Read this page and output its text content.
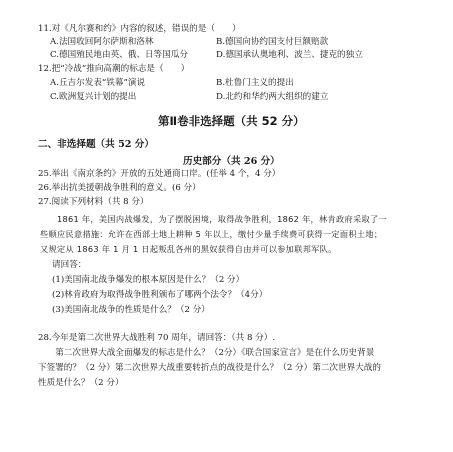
11.对《凡尔赛和约》内容的叙述，错误的是（　　）
A.法国收回阿尔萨斯和洛林	B.德国向协约国支付巨额赔款
C.德国殖民地由英、俄、日等国瓜分	D.德国承认奥地利、波兰、捷克的独立
12.把“冷战”推向高潮的标志是（　　）
A.丘吉尔发表“铁幕”演说	B.杜鲁门主义的提出
C.欧洲复兴计划的提出	D.北约和华约两大组织的建立
第Ⅱ卷非选择题（共 52 分）
二、非选择题（共 52 分）
历史部分（共 26 分）
25.举出《南京条约》开放的五处通商口岸。(任举 4 个，4 分）
26.举出抗美援朝战争胜利的意义。(6 分）
27.阅读下列材料（共 8 分）
　　1861 年，美国内战爆发，为了摆脱困境，取得战争胜利，1862 年，林肯政府采取了一
些顺应民意措施：允许在西部土地上耕种 5 年以上，缴付少量手续费可获得一定面积土地；
又规定从 1863 年 1 月 1 日起叛乱各州的黑奴获得自由并可以参加联邦军队。
请回答：
(1)美国南北战争爆发的根本原因是什么？（2 分）
(2)林肯政府为取得战争胜利颁布了哪两个法令？（4分）
(3)美国南北战争的性质是什么？（2 分）
28.今年是第二次世界大战胜利 70 周年，请回答：（共 8 分）.
　　第二次世界大战全面爆发的标志是什么？（2分）《联合国家宣言》是在什么历史背景
下签署的？（2 分）第二次世界大战重要转折点的战役是什么？（2 分）第二次世界大战的
性质是什么？（2 分）
